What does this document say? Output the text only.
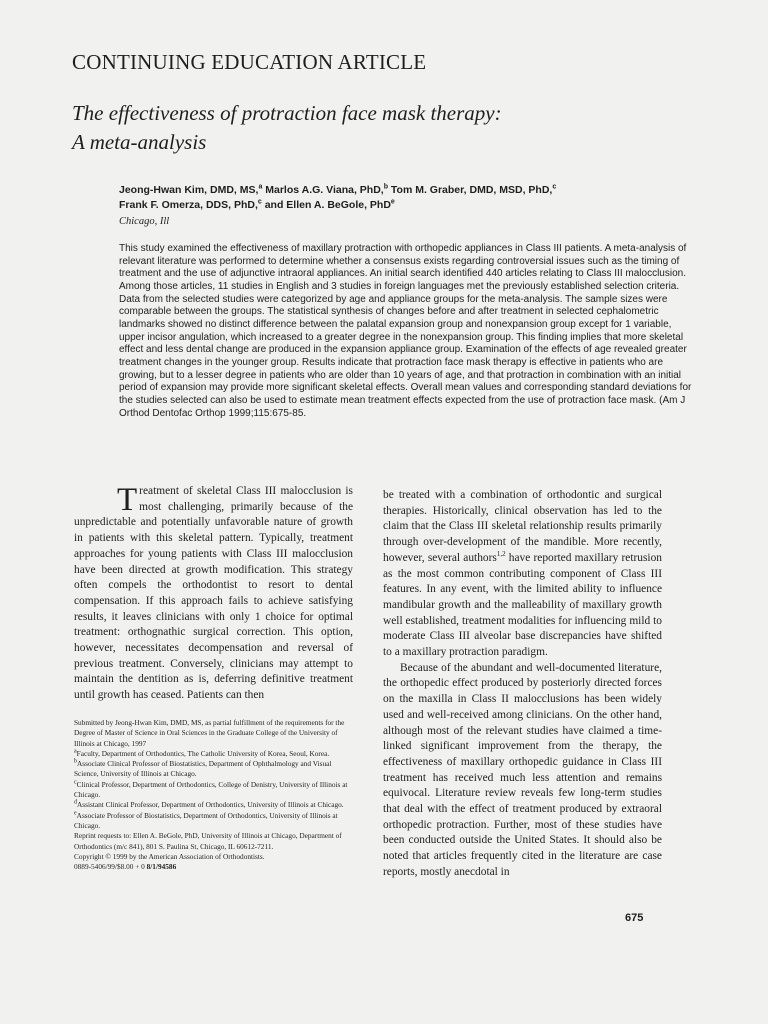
CONTINUING EDUCATION ARTICLE
The effectiveness of protraction face mask therapy:
A meta-analysis
Jeong-Hwan Kim, DMD, MS,$^a$ Marlos A.G. Viana, PhD,$^b$ Tom M. Graber, DMD, MSD, PhD,$^c$
Frank F. Omerza, DDS, PhD,$^c$ and Ellen A. BeGole, PhD$^e$
Chicago, Ill
This study examined the effectiveness of maxillary protraction with orthopedic appliances in Class III patients. A meta-analysis of relevant literature was performed to determine whether a consensus exists regarding controversial issues such as the timing of treatment and the use of adjunctive intraoral appliances. An initial search identified 440 articles relating to Class III malocclusion. Among those articles, 11 studies in English and 3 studies in foreign languages met the previously established selection criteria. Data from the selected studies were categorized by age and appliance groups for the meta-analysis. The sample sizes were comparable between the groups. The statistical synthesis of changes before and after treatment in selected cephalometric landmarks showed no distinct difference between the palatal expansion group and nonexpansion group except for 1 variable, upper incisor angulation, which increased to a greater degree in the nonexpansion group. This finding implies that more skeletal effect and less dental change are produced in the expansion appliance group. Examination of the effects of age revealed greater treatment changes in the younger group. Results indicate that protraction face mask therapy is effective in patients who are growing, but to a lesser degree in patients who are older than 10 years of age, and that protraction in combination with an initial period of expansion may provide more significant skeletal effects. Overall mean values and corresponding standard deviations for the studies selected can also be used to estimate mean treatment effects expected from the use of protraction face mask. (Am J Orthod Dentofac Orthop 1999;115:675-85.

Treatment of skeletal Class III malocclusion is most challenging, primarily because of the unpredictable and potentially unfavorable nature of growth in patients with this skeletal pattern. Typically, treatment approaches for young patients with Class III malocclusion have been directed at growth modification. This strategy often compels the orthodontist to resort to dental compensation. If this approach fails to achieve satisfying results, it leaves clinicians with only 1 choice for optimal treatment: orthognathic surgical correction. This option, however, necessitates decompensation and reversal of previous treatment. Conversely, clinicians may attempt to maintain the dentition as is, deferring definitive treatment until growth has ceased. Patients can then

Submitted by Jeong-Hwan Kim, DMD, MS, as partial fulfillment of the requirements for the Degree of Master of Science in Oral Sciences in the Graduate College of the University of Illinois at Chicago, 1997

$^a$Faculty, Department of Orthodontics, The Catholic University of Korea, Seoul, Korea.

$^b$Associate Clinical Professor of Biostatistics, Department of Ophthalmology and Visual Science, University of Illinois at Chicago.

$^c$Clinical Professor, Department of Orthodontics, College of Denistry, University of Illinois at Chicago.

$^d$Assistant Clinical Professor, Department of Orthodontics, University of Illinois at Chicago.

$^e$Associate Professor of Biostatistics, Department of Orthodontics, University of Illinois at Chicago.

Reprint requests to: Ellen A. BeGole, PhD, University of Illinois at Chicago, Department of Orthodontics (m/c 841), 801 S. Paulina St, Chicago, IL 60612-7211.

Copyright © 1999 by the American Association of Orthodontists.

0889-5406/99/$8.00 + 0 8/1/94586

be treated with a combination of orthodontic and surgical therapies. Historically, clinical observation has led to the claim that the Class III skeletal relationship results primarily through over-development of the mandible. More recently, however, several authors$^{1,2}$ have reported maxillary retrusion as the most common contributing component of Class III features. In any event, with the limited ability to influence mandibular growth and the malleability of maxillary growth well established, treatment modalities for influencing mild to moderate Class III alveolar base discrepancies have shifted to a maxillary protraction paradigm.

Because of the abundant and well-documented literature, the orthopedic effect produced by posteriorly directed forces on the maxilla in Class II malocclusions has been widely used and well-received among clinicians. On the other hand, although most of the relevant studies have claimed a time-linked significant improvement from the therapy, the effectiveness of maxillary orthopedic guidance in Class III treatment has received much less attention and remains equivocal. Literature review reveals few long-term studies that deal with the effect of treatment produced by extraoral orthopedic protraction. Further, most of these studies have been conducted outside the United States. It should also be noted that articles frequently cited in the literature are case reports, mostly anecdotal in

675
